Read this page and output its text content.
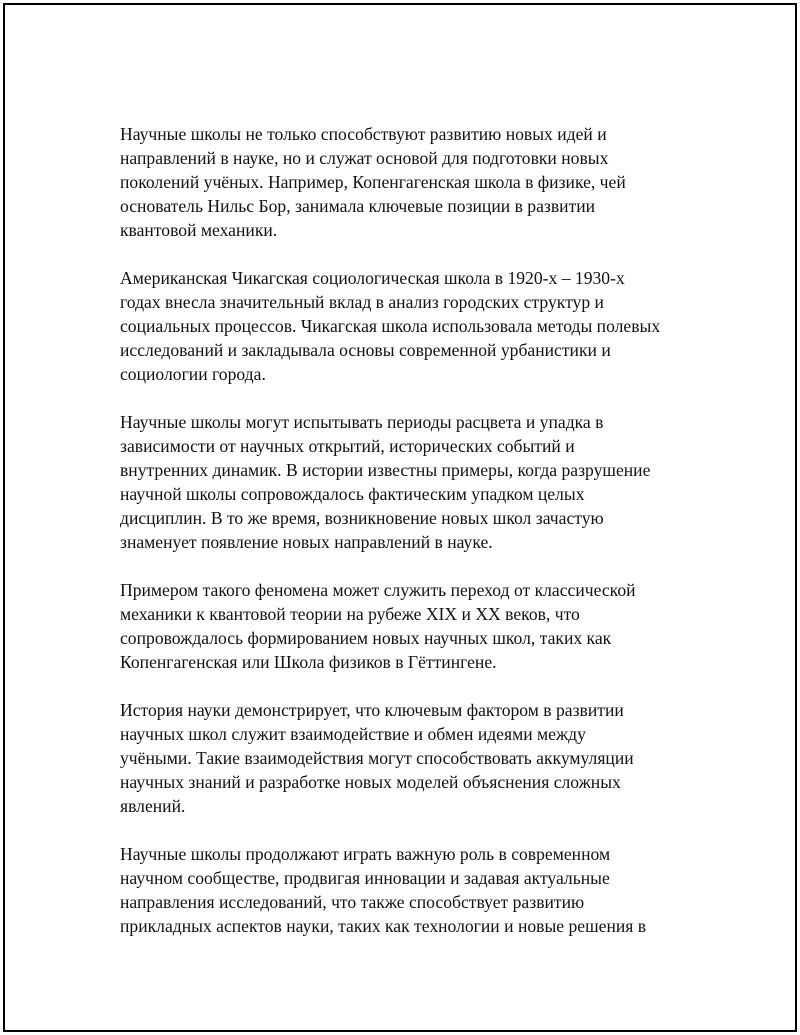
Научные школы не только способствуют развитию новых идей и
направлений в науке, но и служат основой для подготовки новых
поколений учёных. Например, Копенгагенская школа в физике, чей
основатель Нильс Бор, занимала ключевые позиции в развитии
квантовой механики.

Американская Чикагская социологическая школа в 1920-х – 1930-х
годах внесла значительный вклад в анализ городских структур и
социальных процессов. Чикагская школа использовала методы полевых
исследований и закладывала основы современной урбанистики и
социологии города.

Научные школы могут испытывать периоды расцвета и упадка в
зависимости от научных открытий, исторических событий и
внутренних динамик. В истории известны примеры, когда разрушение
научной школы сопровождалось фактическим упадком целых
дисциплин. В то же время, возникновение новых школ зачастую
знаменует появление новых направлений в науке.

Примером такого феномена может служить переход от классической
механики к квантовой теории на рубеже XIX и XX веков, что
сопровождалось формированием новых научных школ, таких как
Копенгагенская или Школа физиков в Гёттингене.

История науки демонстрирует, что ключевым фактором в развитии
научных школ служит взаимодействие и обмен идеями между
учёными. Такие взаимодействия могут способствовать аккумуляции
научных знаний и разработке новых моделей объяснения сложных
явлений.

Научные школы продолжают играть важную роль в современном
научном сообществе, продвигая инновации и задавая актуальные
направления исследований, что также способствует развитию
прикладных аспектов науки, таких как технологии и новые решения в
